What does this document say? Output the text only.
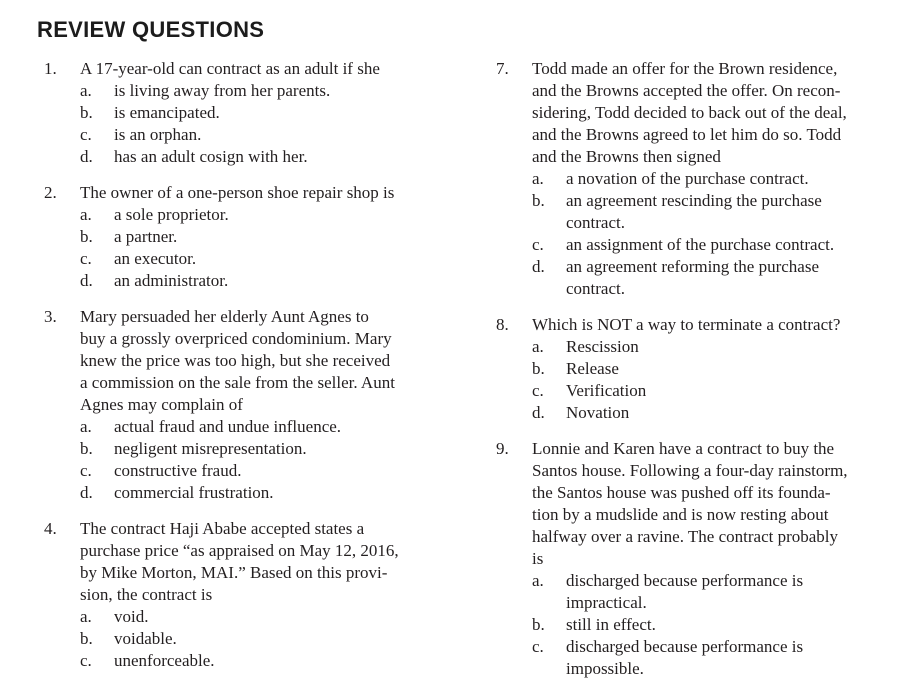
REVIEW QUESTIONS
1. A 17-year-old can contract as an adult if she
a. is living away from her parents.
b. is emancipated.
c. is an orphan.
d. has an adult cosign with her.
2. The owner of a one-person shoe repair shop is
a. a sole proprietor.
b. a partner.
c. an executor.
d. an administrator.
3. Mary persuaded her elderly Aunt Agnes to
buy a grossly overpriced condominium. Mary
knew the price was too high, but she received
a commission on the sale from the seller. Aunt
Agnes may complain of
a. actual fraud and undue influence.
b. negligent misrepresentation.
c. constructive fraud.
d. commercial frustration.
4. The contract Haji Ababe accepted states a
purchase price “as appraised on May 12, 2016,
by Mike Morton, MAI.” Based on this provi-
sion, the contract is
a. void.
b. voidable.
c. unenforceable.
7. Todd made an offer for the Brown residence,
and the Browns accepted the offer. On recon-
sidering, Todd decided to back out of the deal,
and the Browns agreed to let him do so. Todd
and the Browns then signed
a. a novation of the purchase contract.
b. an agreement rescinding the purchase
contract.
c. an assignment of the purchase contract.
d. an agreement reforming the purchase
contract.
8. Which is NOT a way to terminate a contract?
a. Rescission
b. Release
c. Verification
d. Novation
9. Lonnie and Karen have a contract to buy the
Santos house. Following a four-day rainstorm,
the Santos house was pushed off its founda-
tion by a mudslide and is now resting about
halfway over a ravine. The contract probably
is
a. discharged because performance is
impractical.
b. still in effect.
c. discharged because performance is
impossible.
